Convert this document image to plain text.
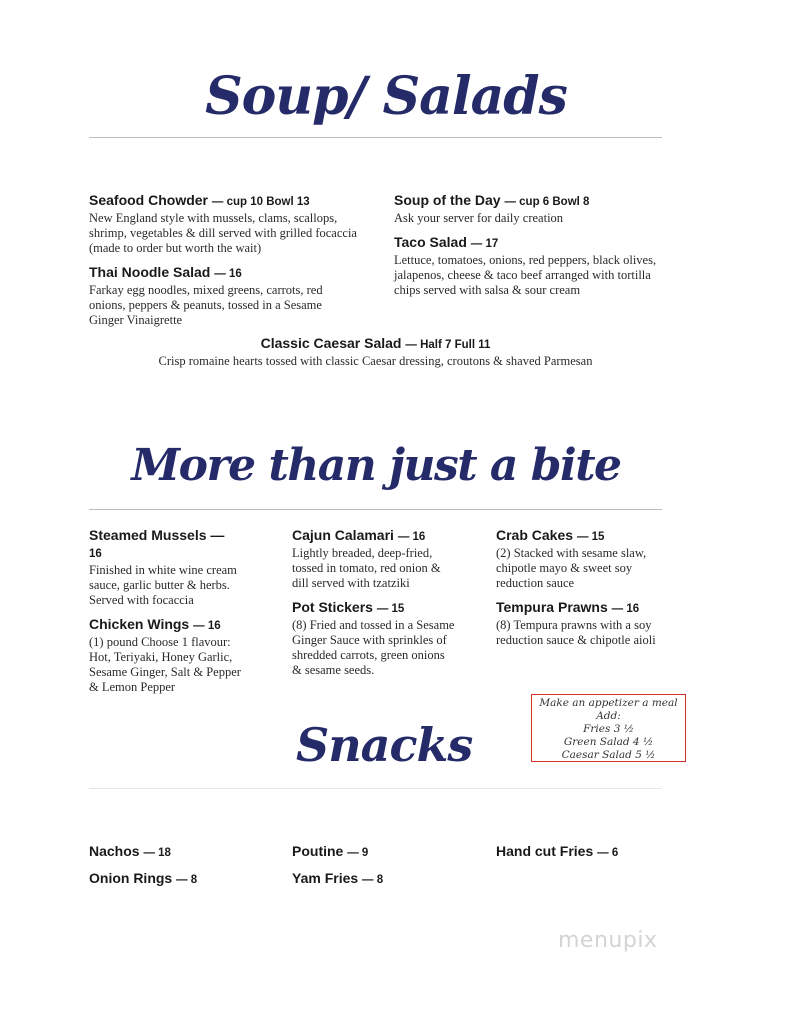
Soup/ Salads
Seafood Chowder — cup 10 Bowl 13
New England style with mussels, clams, scallops, shrimp, vegetables & dill served with grilled focaccia (made to order but worth the wait)
Thai Noodle Salad — 16
Farkay egg noodles, mixed greens, carrots, red onions, peppers & peanuts, tossed in a Sesame Ginger Vinaigrette
Soup of the Day — cup 6 Bowl 8
Ask your server for daily creation
Taco Salad — 17
Lettuce, tomatoes, onions, red peppers, black olives, jalapenos, cheese & taco beef arranged with tortilla chips served with salsa & sour cream
Classic Caesar Salad — Half 7 Full 11
Crisp romaine hearts tossed with classic Caesar dressing, croutons & shaved Parmesan
More than just a bite
Steamed Mussels —
16
Finished in white wine cream sauce, garlic butter & herbs. Served with focaccia
Chicken Wings — 16
(1) pound Choose 1 flavour: Hot, Teriyaki, Honey Garlic, Sesame Ginger, Salt & Pepper & Lemon Pepper
Cajun Calamari — 16
Lightly breaded, deep-fried, tossed in tomato, red onion & dill served with tzatziki
Pot Stickers — 15
(8) Fried and tossed in a Sesame Ginger Sauce with sprinkles of shredded carrots, green onions & sesame seeds.
Crab Cakes — 15
(2) Stacked with sesame slaw, chipotle mayo & sweet soy reduction sauce
Tempura Prawns — 16
(8) Tempura prawns with a soy reduction sauce & chipotle aioli
Make an appetizer a meal
Add:
Fries 3 ½
Green Salad 4 ½
Caesar Salad 5 ½
Snacks
Nachos — 18
Onion Rings — 8
Poutine — 9
Yam Fries — 8
Hand cut Fries — 6
menupix
